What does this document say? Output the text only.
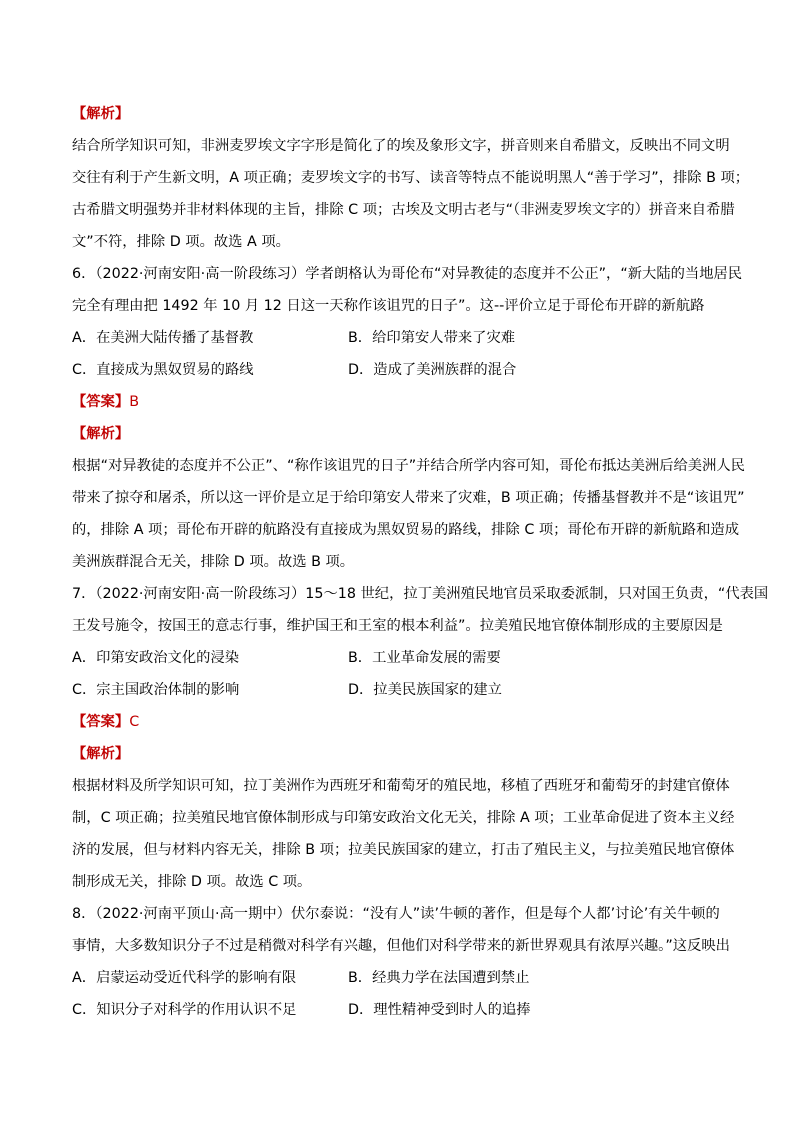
【解析】
结合所学知识可知，非洲麦罗埃文字字形是简化了的埃及象形文字，拼音则来自希腊文，反映出不同文明
交往有利于产生新文明，A 项正确；麦罗埃文字的书写、读音等特点不能说明黑人“善于学习”，排除 B 项；
古希腊文明强势并非材料体现的主旨，排除 C 项；古埃及文明古老与“（非洲麦罗埃文字的）拼音来自希腊
文”不符，排除 D 项。故选 A 项。
6．（2022·河南安阳·高一阶段练习）学者朗格认为哥伦布“对异教徒的态度并不公正”，“新大陆的当地居民
完全有理由把 1492 年 10 月 12 日这一天称作该诅咒的日子”。这--评价立足于哥伦布开辟的新航路
A．在美洲大陆传播了基督教	B．给印第安人带来了灾难
C．直接成为黑奴贸易的路线	D．造成了美洲族群的混合
【答案】B
【解析】
根据“对异教徒的态度并不公正”、“称作该诅咒的日子”并结合所学内容可知，哥伦布抵达美洲后给美洲人民
带来了掠夺和屠杀，所以这一评价是立足于给印第安人带来了灾难，B 项正确；传播基督教并不是“该诅咒”
的，排除 A 项；哥伦布开辟的航路没有直接成为黑奴贸易的路线，排除 C 项；哥伦布开辟的新航路和造成
美洲族群混合无关，排除 D 项。故选 B 项。
7．（2022·河南安阳·高一阶段练习）15～18 世纪，拉丁美洲殖民地官员采取委派制，只对国王负责，“代表国
王发号施令，按国王的意志行事，维护国王和王室的根本利益”。拉美殖民地官僚体制形成的主要原因是
A．印第安政治文化的浸染	B．工业革命发展的需要
C．宗主国政治体制的影响	D．拉美民族国家的建立
【答案】C
【解析】
根据材料及所学知识可知，拉丁美洲作为西班牙和葡萄牙的殖民地，移植了西班牙和葡萄牙的封建官僚体
制，C 项正确；拉美殖民地官僚体制形成与印第安政治文化无关，排除 A 项；工业革命促进了资本主义经
济的发展，但与材料内容无关，排除 B 项；拉美民族国家的建立，打击了殖民主义，与拉美殖民地官僚体
制形成无关，排除 D 项。故选 C 项。
8．（2022·河南平顶山·高一期中）伏尔泰说：“没有人”读’牛顿的著作，但是每个人都’讨论’有关牛顿的
事情，大多数知识分子不过是稍微对科学有兴趣，但他们对科学带来的新世界观具有浓厚兴趣。”这反映出
A．启蒙运动受近代科学的影响有限	B．经典力学在法国遭到禁止
C．知识分子对科学的作用认识不足	D．理性精神受到时人的追捧
